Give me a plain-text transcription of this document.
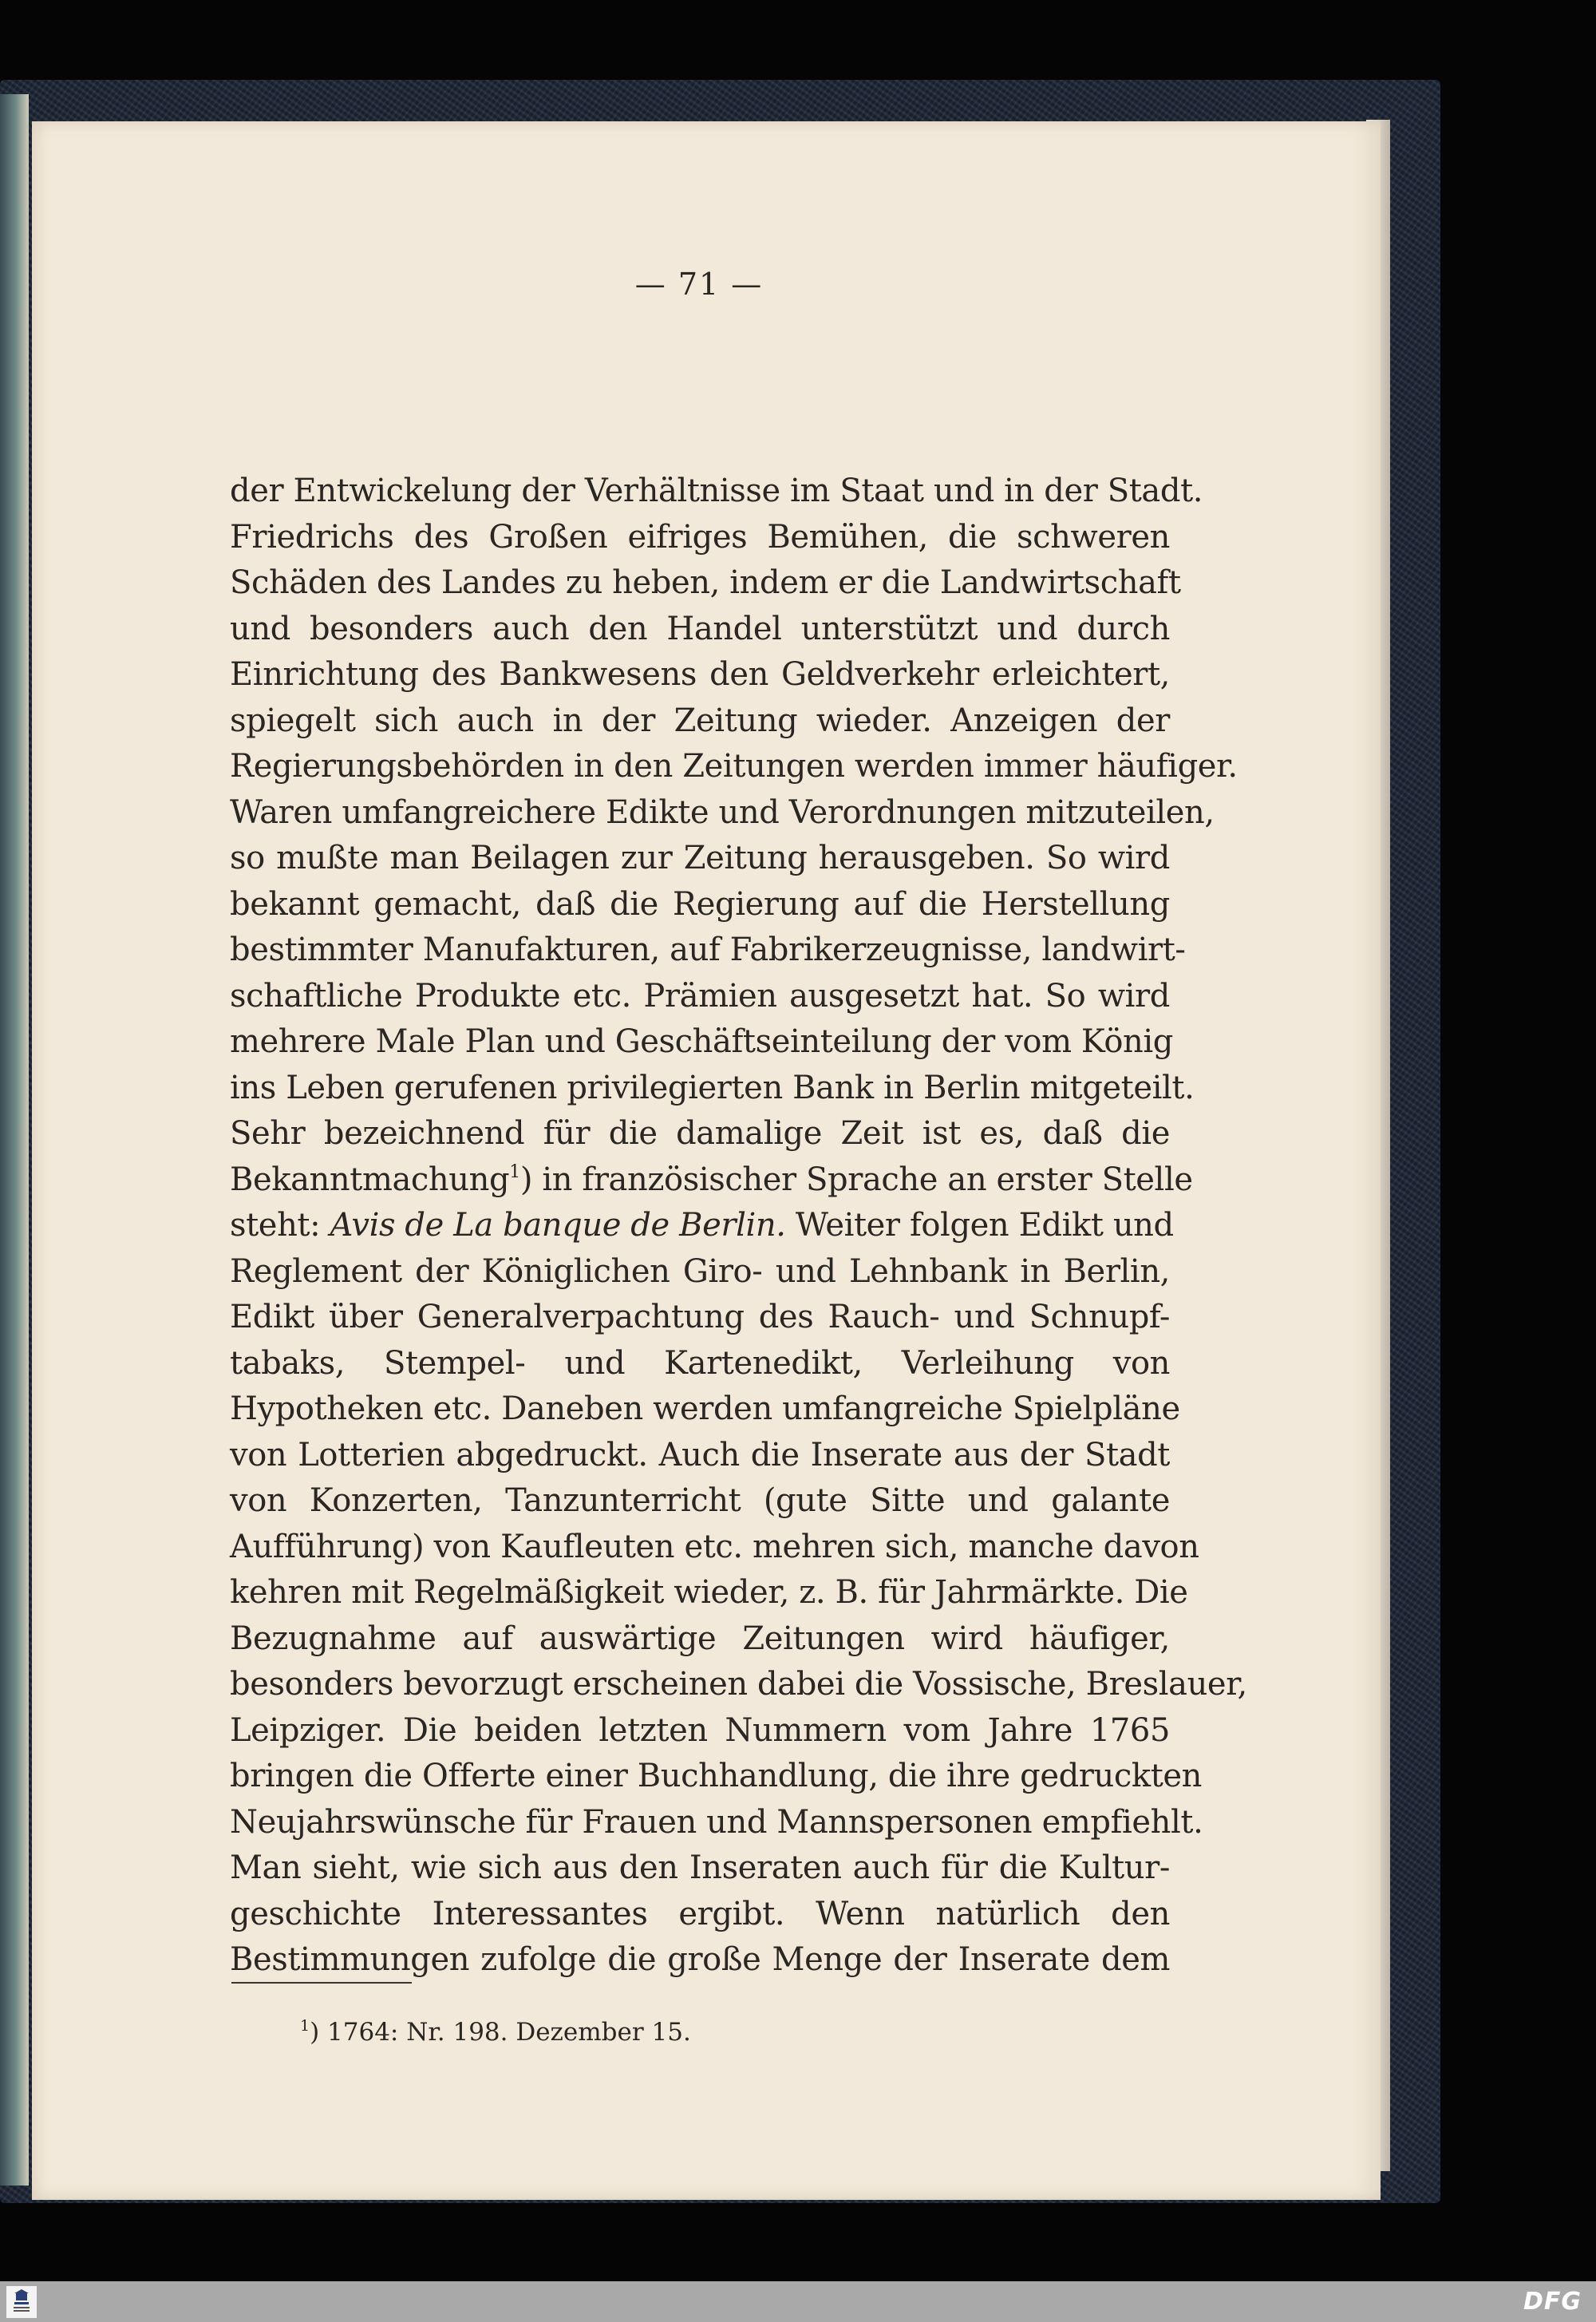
— 71 —
der Entwickelung der Verhältnisse im Staat und in der Stadt.
Friedrichs des Großen eifriges Bemühen, die schweren
Schäden des Landes zu heben, indem er die Landwirtschaft
und besonders auch den Handel unterstützt und durch
Einrichtung des Bankwesens den Geldverkehr erleichtert,
spiegelt sich auch in der Zeitung wieder. Anzeigen der
Regierungsbehörden in den Zeitungen werden immer häufiger.
Waren umfangreichere Edikte und Verordnungen mitzuteilen,
so mußte man Beilagen zur Zeitung herausgeben. So wird
bekannt gemacht, daß die Regierung auf die Herstellung
bestimmter Manufakturen, auf Fabrikerzeugnisse, landwirt-
schaftliche Produkte etc. Prämien ausgesetzt hat. So wird
mehrere Male Plan und Geschäftseinteilung der vom König
ins Leben gerufenen privilegierten Bank in Berlin mitgeteilt.
Sehr bezeichnend für die damalige Zeit ist es, daß die
Bekanntmachung$^1$) in französischer Sprache an erster Stelle
steht: Avis de La banque de Berlin. Weiter folgen Edikt und
Reglement der Königlichen Giro- und Lehnbank in Berlin,
Edikt über Generalverpachtung des Rauch- und Schnupf-
tabaks, Stempel- und Kartenedikt, Verleihung von
Hypotheken etc. Daneben werden umfangreiche Spielpläne
von Lotterien abgedruckt. Auch die Inserate aus der Stadt
von Konzerten, Tanzunterricht (gute Sitte und galante
Aufführung) von Kaufleuten etc. mehren sich, manche davon
kehren mit Regelmäßigkeit wieder, z. B. für Jahrmärkte. Die
Bezugnahme auf auswärtige Zeitungen wird häufiger,
besonders bevorzugt erscheinen dabei die Vossische, Breslauer,
Leipziger. Die beiden letzten Nummern vom Jahre 1765
bringen die Offerte einer Buchhandlung, die ihre gedruckten
Neujahrswünsche für Frauen und Mannspersonen empfiehlt.
Man sieht, wie sich aus den Inseraten auch für die Kultur-
geschichte Interessantes ergibt. Wenn natürlich den
Bestimmungen zufolge die große Menge der Inserate dem
$^1$) 1764: Nr. 198. Dezember 15.
DFG
